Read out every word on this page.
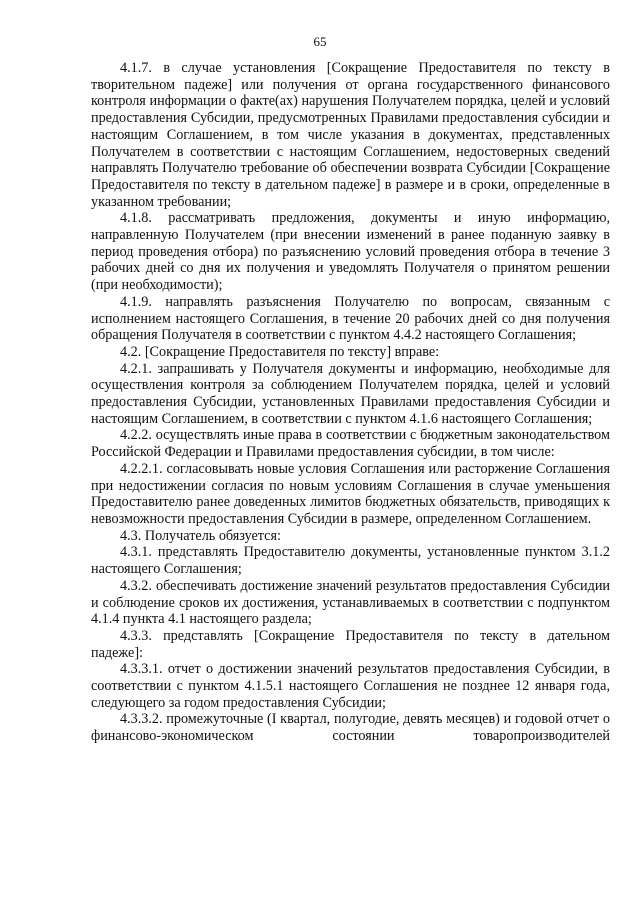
65

4.1.7. в случае установления [Сокращение Предоставителя по тексту в творительном падеже] или получения от органа государственного финансового контроля информации о факте(ах) нарушения Получателем порядка, целей и условий предоставления Субсидии, предусмотренных Правилами предоставления субсидии и настоящим Соглашением, в том числе указания в документах, представленных Получателем в соответствии с настоящим Соглашением, недостоверных сведений направлять Получателю требование об обеспечении возврата Субсидии [Сокращение Предоставителя по тексту в дательном падеже] в размере и в сроки, определенные в указанном требовании;

4.1.8. рассматривать предложения, документы и иную информацию, направленную Получателем (при внесении изменений в ранее поданную заявку в период проведения отбора) по разъяснению условий проведения отбора в течение 3 рабочих дней со дня их получения и уведомлять Получателя о принятом решении (при необходимости);

4.1.9. направлять разъяснения Получателю по вопросам, связанным с исполнением настоящего Соглашения, в течение 20 рабочих дней со дня получения обращения Получателя в соответствии с пунктом 4.4.2 настоящего Соглашения;

4.2. [Сокращение Предоставителя по тексту] вправе:

4.2.1. запрашивать у Получателя документы и информацию, необходимые для осуществления контроля за соблюдением Получателем порядка, целей и условий предоставления Субсидии, установленных Правилами предоставления Субсидии и настоящим Соглашением, в соответствии с пунктом 4.1.6 настоящего Соглашения;

4.2.2. осуществлять иные права в соответствии с бюджетным законодательством Российской Федерации и Правилами предоставления субсидии, в том числе:

4.2.2.1. согласовывать новые условия Соглашения или расторжение Соглашения при недостижении согласия по новым условиям Соглашения в случае уменьшения Предоставителю ранее доведенных лимитов бюджетных обязательств, приводящих к невозможности предоставления Субсидии в размере, определенном Соглашением.

4.3. Получатель обязуется:

4.3.1. представлять Предоставителю документы, установленные пунктом 3.1.2 настоящего Соглашения;

4.3.2. обеспечивать достижение значений результатов предоставления Субсидии и соблюдение сроков их достижения, устанавливаемых в соответствии с подпунктом 4.1.4 пункта 4.1 настоящего раздела;

4.3.3. представлять [Сокращение Предоставителя по тексту в дательном падеже]:

4.3.3.1. отчет о достижении значений результатов предоставления Субсидии, в соответствии с пунктом 4.1.5.1 настоящего Соглашения не позднее 12 января года, следующего за годом предоставления Субсидии;

4.3.3.2. промежуточные (I квартал, полугодие, девять месяцев) и годовой отчет о финансово-экономическом состоянии товаропроизводителей
